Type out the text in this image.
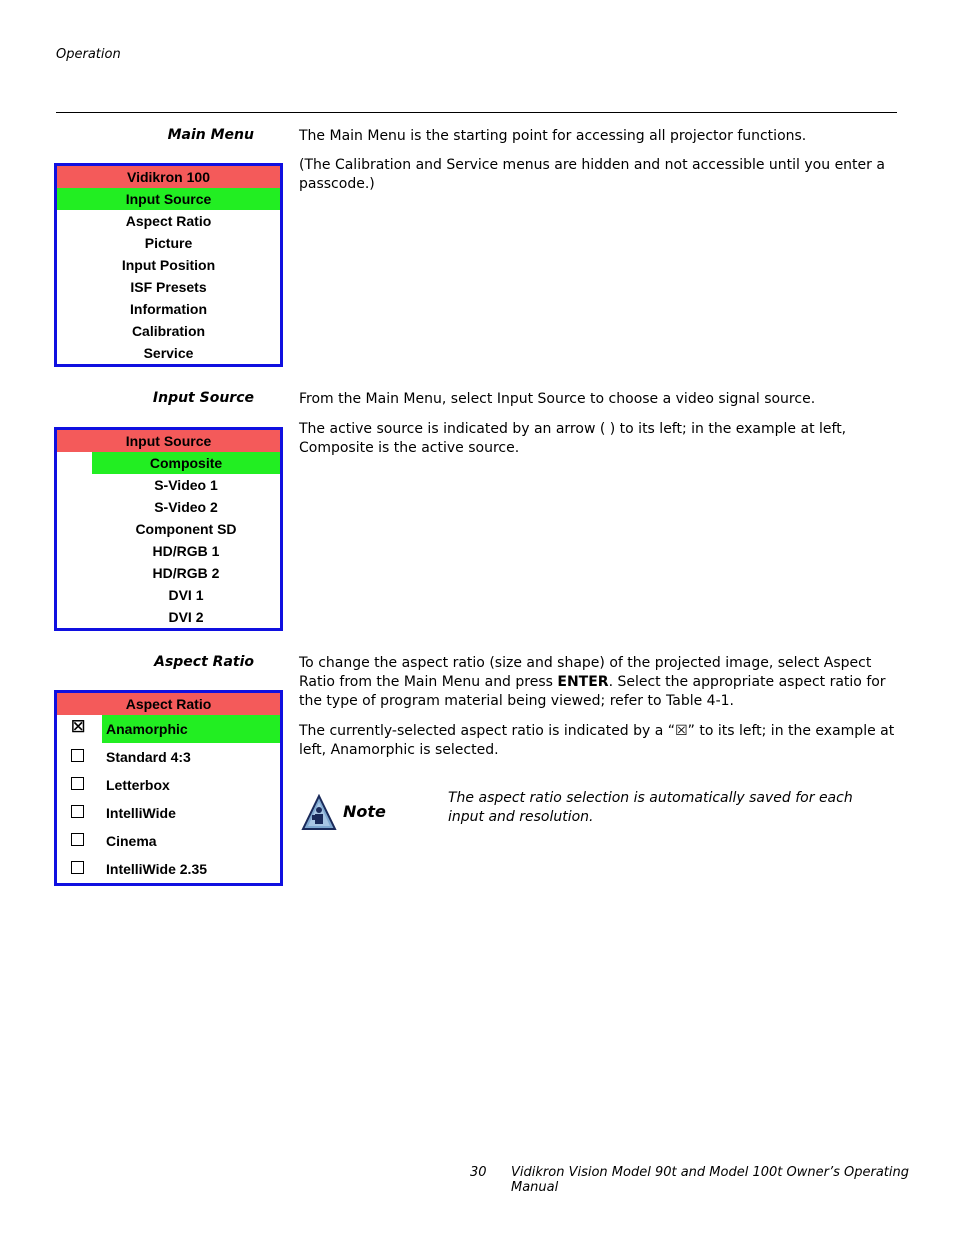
Operation
Main Menu	The Main Menu is the starting point for accessing all projector functions.

(The Calibration and Service menus are hidden and not accessible until you enter a passcode.)

Vidikron 100
Input Source
Aspect Ratio
Picture
Input Position
ISF Presets
Information
Calibration
Service
Input Source	From the Main Menu, select Input Source to choose a video signal source.

The active source is indicated by an arrow ( ) to its left; in the example at left, Composite is the active source.

Input Source
Composite
S-Video 1
S-Video 2
Component SD
HD/RGB 1
HD/RGB 2
DVI 1
DVI 2
Aspect Ratio	To change the aspect ratio (size and shape) of the projected image, select Aspect Ratio from the Main Menu and press ENTER. Select the appropriate aspect ratio for the type of program material being viewed; refer to Table 4-1.

The currently-selected aspect ratio is indicated by a “☒” to its left; in the example at left, Anamorphic is selected.

Aspect Ratio
☒ Anamorphic
Standard 4:3
Letterbox
IntelliWide
Cinema
IntelliWide 2.35
Note
The aspect ratio selection is automatically saved for each input and resolution.
30 Vidikron Vision Model 90t and Model 100t Owner’s Operating Manual
